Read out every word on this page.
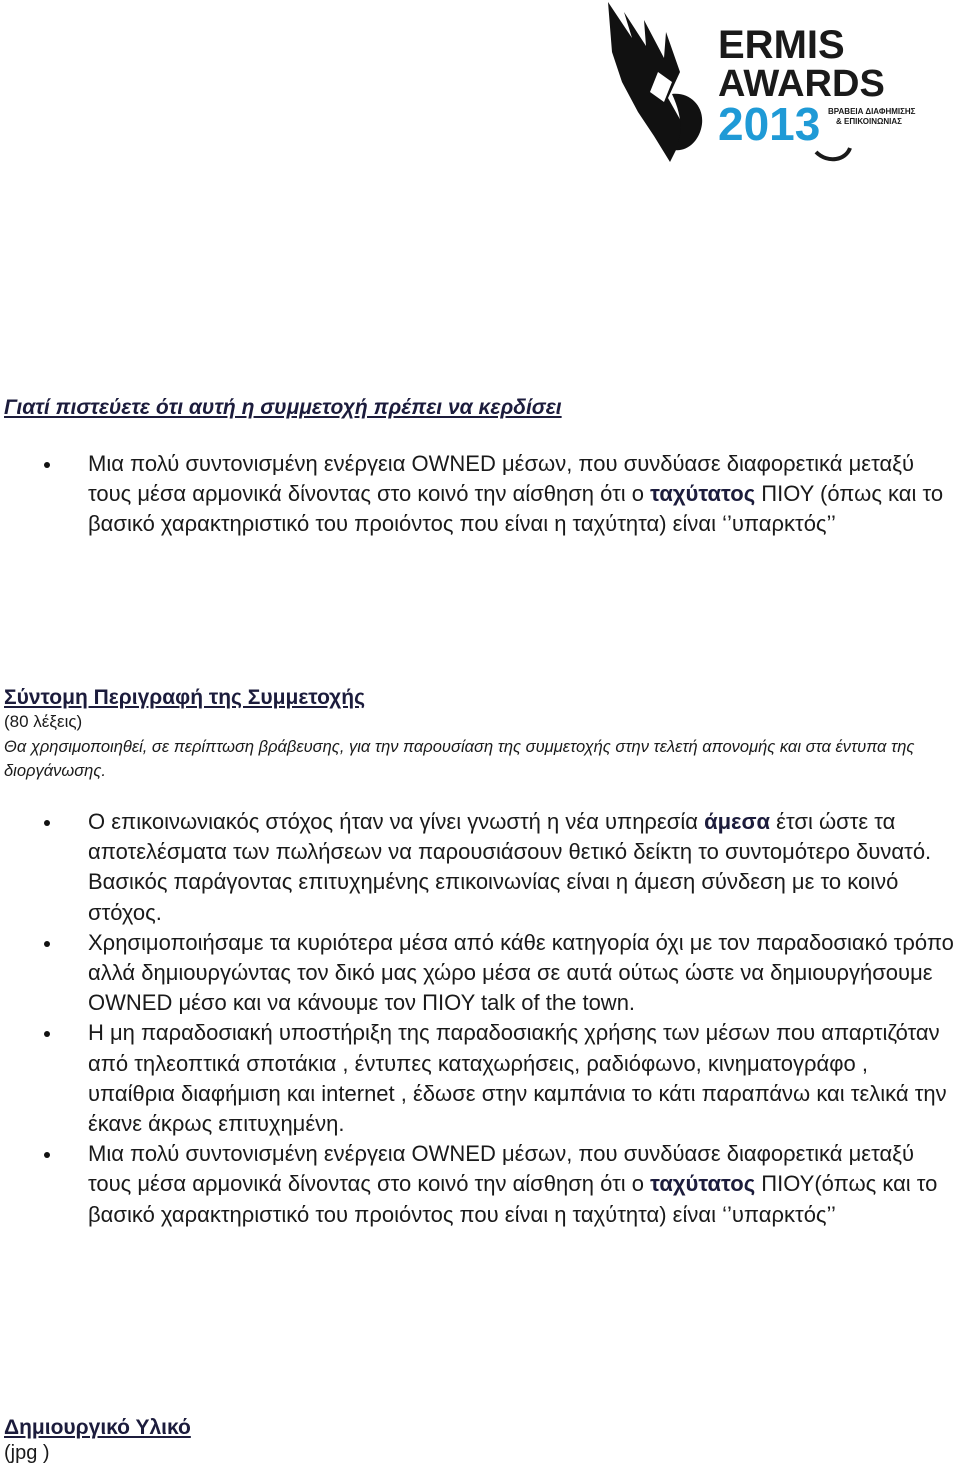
ERMIS
AWARDS
2013 ΒΡΑΒΕΙΑ ΔΙΑΦΗΜΙΣΗΣ
& ΕΠΙΚΟΙΝΩΝΙΑΣ
Γιατί πιστεύετε ότι αυτή η συμμετοχή πρέπει να κερδίσει
Μια πολύ συντονισμένη ενέργεια OWNED μέσων, που συνδύασε διαφορετικά μεταξύ τους μέσα αρμονικά δίνοντας στο κοινό την αίσθηση ότι ο ταχύτατος ΠΙΟΥ (όπως και το βασικό χαρακτηριστικό του προιόντος που είναι η ταχύτητα) είναι ‘’υπαρκτός’’
Σύντομη Περιγραφή της Συμμετοχής
(80 λέξεις)
Θα χρησιμοποιηθεί, σε περίπτωση βράβευσης, για την παρουσίαση της συμμετοχής στην τελετή απονομής και στα έντυπα της διοργάνωσης.
Ο επικοινωνιακός στόχος ήταν να γίνει γνωστή η νέα υπηρεσία άμεσα έτσι ώστε τα αποτελέσματα των πωλήσεων να παρουσιάσουν θετικό δείκτη το συντομότερο δυνατό. Βασικός παράγοντας επιτυχημένης επικοινωνίας είναι η άμεση σύνδεση με το κοινό στόχος.
Χρησιμοποιήσαμε τα κυριότερα μέσα από κάθε κατηγορία όχι με τον παραδοσιακό τρόπο αλλά δημιουργώντας τον δικό μας χώρο μέσα σε αυτά ούτως ώστε να δημιουργήσουμε OWNED μέσο και να κάνουμε τον ΠΙΟΥ talk of the town.
Η μη παραδοσιακή υποστήριξη της παραδοσιακής χρήσης των μέσων που απαρτιζόταν από τηλεοπτικά σποτάκια , έντυπες καταχωρήσεις, ραδιόφωνο, κινηματογράφο , υπαίθρια διαφήμιση και internet , έδωσε στην καμπάνια το κάτι παραπάνω και τελικά την έκανε άκρως επιτυχημένη.
Μια πολύ συντονισμένη ενέργεια OWNED μέσων, που συνδύασε διαφορετικά μεταξύ τους μέσα αρμονικά δίνοντας στο κοινό την αίσθηση ότι ο ταχύτατος ΠΙΟΥ(όπως και το βασικό χαρακτηριστικό του προιόντος που είναι η ταχύτητα) είναι ‘’υπαρκτός’’
Δημιουργικό Υλικό
(jpg )
